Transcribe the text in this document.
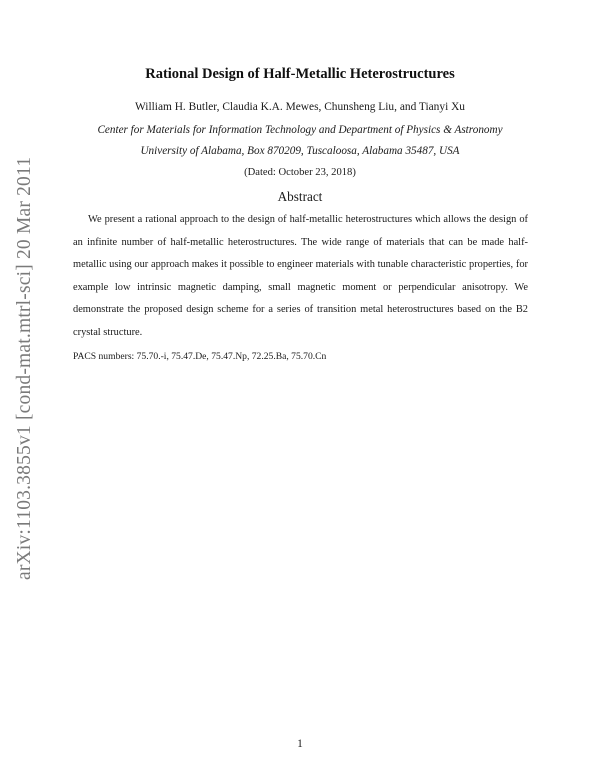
arXiv:1103.3855v1 [cond-mat.mtrl-sci] 20 Mar 2011
Rational Design of Half-Metallic Heterostructures
William H. Butler, Claudia K.A. Mewes, Chunsheng Liu, and Tianyi Xu
Center for Materials for Information Technology and Department of Physics & Astronomy
University of Alabama, Box 870209, Tuscaloosa, Alabama 35487, USA
(Dated: October 23, 2018)
Abstract
We present a rational approach to the design of half-metallic heterostructures which allows the design of an infinite number of half-metallic heterostructures. The wide range of materials that can be made half-metallic using our approach makes it possible to engineer materials with tunable characteristic properties, for example low intrinsic magnetic damping, small magnetic moment or perpendicular anisotropy. We demonstrate the proposed design scheme for a series of transition metal heterostructures based on the B2 crystal structure.
PACS numbers: 75.70.-i, 75.47.De, 75.47.Np, 72.25.Ba, 75.70.Cn
1
